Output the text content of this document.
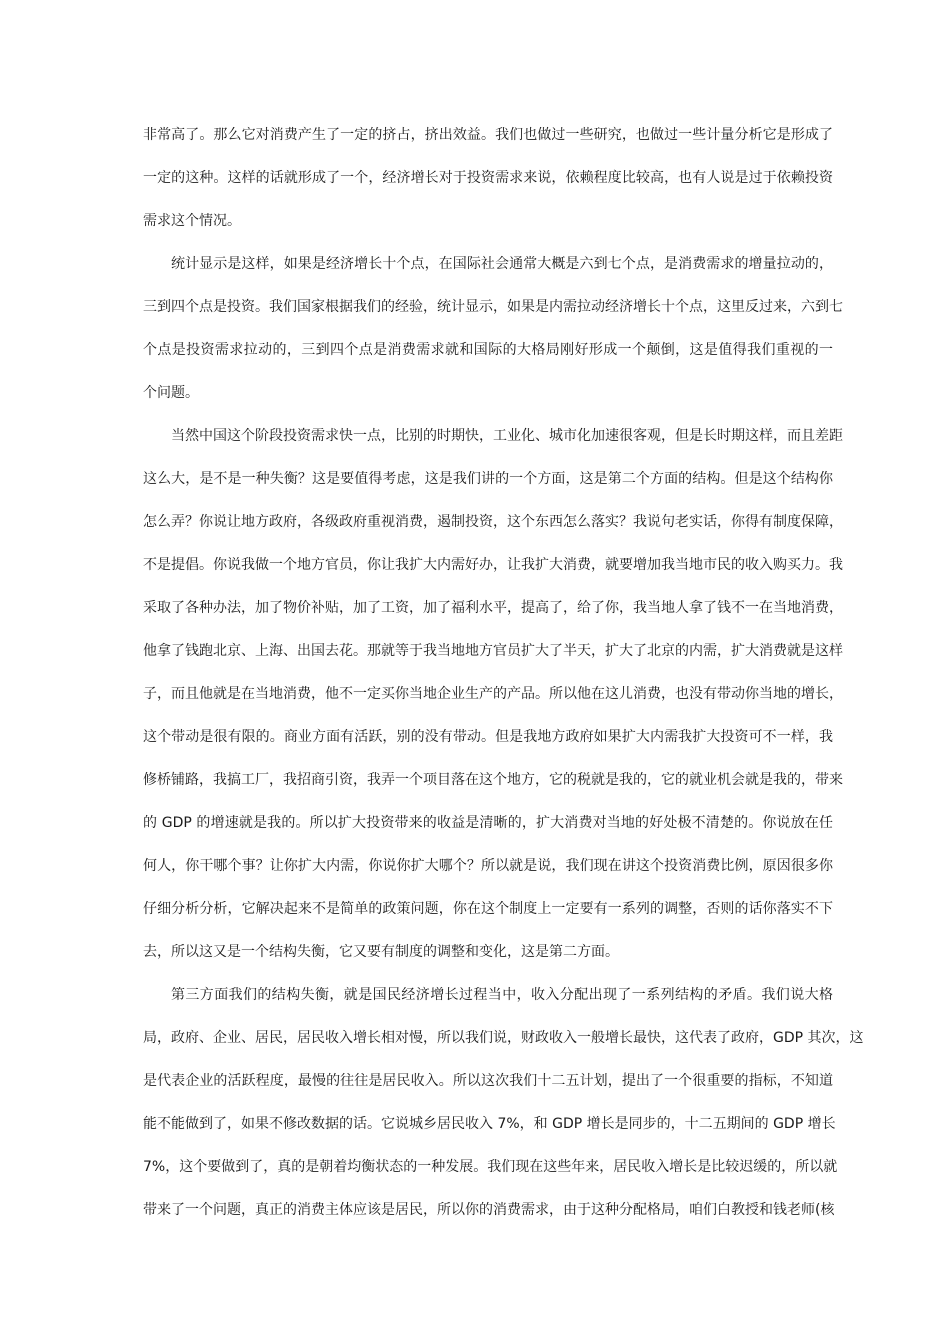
非常高了。那么它对消费产生了一定的挤占，挤出效益。我们也做过一些研究，也做过一些计量分析它是形成了
一定的这种。这样的话就形成了一个，经济增长对于投资需求来说，依赖程度比较高，也有人说是过于依赖投资
需求这个情况。
统计显示是这样，如果是经济增长十个点，在国际社会通常大概是六到七个点，是消费需求的增量拉动的，
三到四个点是投资。我们国家根据我们的经验，统计显示，如果是内需拉动经济增长十个点，这里反过来，六到七
个点是投资需求拉动的，三到四个点是消费需求就和国际的大格局刚好形成一个颠倒，这是值得我们重视的一
个问题。
当然中国这个阶段投资需求快一点，比别的时期快，工业化、城市化加速很客观，但是长时期这样，而且差距
这么大，是不是一种失衡？这是要值得考虑，这是我们讲的一个方面，这是第二个方面的结构。但是这个结构你
怎么弄？你说让地方政府，各级政府重视消费，遏制投资，这个东西怎么落实？我说句老实话，你得有制度保障，
不是提倡。你说我做一个地方官员，你让我扩大内需好办，让我扩大消费，就要增加我当地市民的收入购买力。我
采取了各种办法，加了物价补贴，加了工资，加了福利水平，提高了，给了你，我当地人拿了钱不一在当地消费，
他拿了钱跑北京、上海、出国去花。那就等于我当地地方官员扩大了半天，扩大了北京的内需，扩大消费就是这样
子，而且他就是在当地消费，他不一定买你当地企业生产的产品。所以他在这儿消费，也没有带动你当地的增长，
这个带动是很有限的。商业方面有活跃，别的没有带动。但是我地方政府如果扩大内需我扩大投资可不一样，我
修桥铺路，我搞工厂，我招商引资，我弄一个项目落在这个地方，它的税就是我的，它的就业机会就是我的，带来
的 GDP 的增速就是我的。所以扩大投资带来的收益是清晰的，扩大消费对当地的好处极不清楚的。你说放在任
何人，你干哪个事？让你扩大内需，你说你扩大哪个？所以就是说，我们现在讲这个投资消费比例，原因很多你
仔细分析分析，它解决起来不是简单的政策问题，你在这个制度上一定要有一系列的调整，否则的话你落实不下
去，所以这又是一个结构失衡，它又要有制度的调整和变化，这是第二方面。
第三方面我们的结构失衡，就是国民经济增长过程当中，收入分配出现了一系列结构的矛盾。我们说大格
局，政府、企业、居民，居民收入增长相对慢，所以我们说，财政收入一般增长最快，这代表了政府，GDP 其次，这
是代表企业的活跃程度，最慢的往往是居民收入。所以这次我们十二五计划，提出了一个很重要的指标，不知道
能不能做到了，如果不修改数据的话。它说城乡居民收入 7%，和 GDP 增长是同步的，十二五期间的 GDP 增长
7%，这个要做到了，真的是朝着均衡状态的一种发展。我们现在这些年来，居民收入增长是比较迟缓的，所以就
带来了一个问题，真正的消费主体应该是居民，所以你的消费需求，由于这种分配格局，咱们白教授和钱老师(核
